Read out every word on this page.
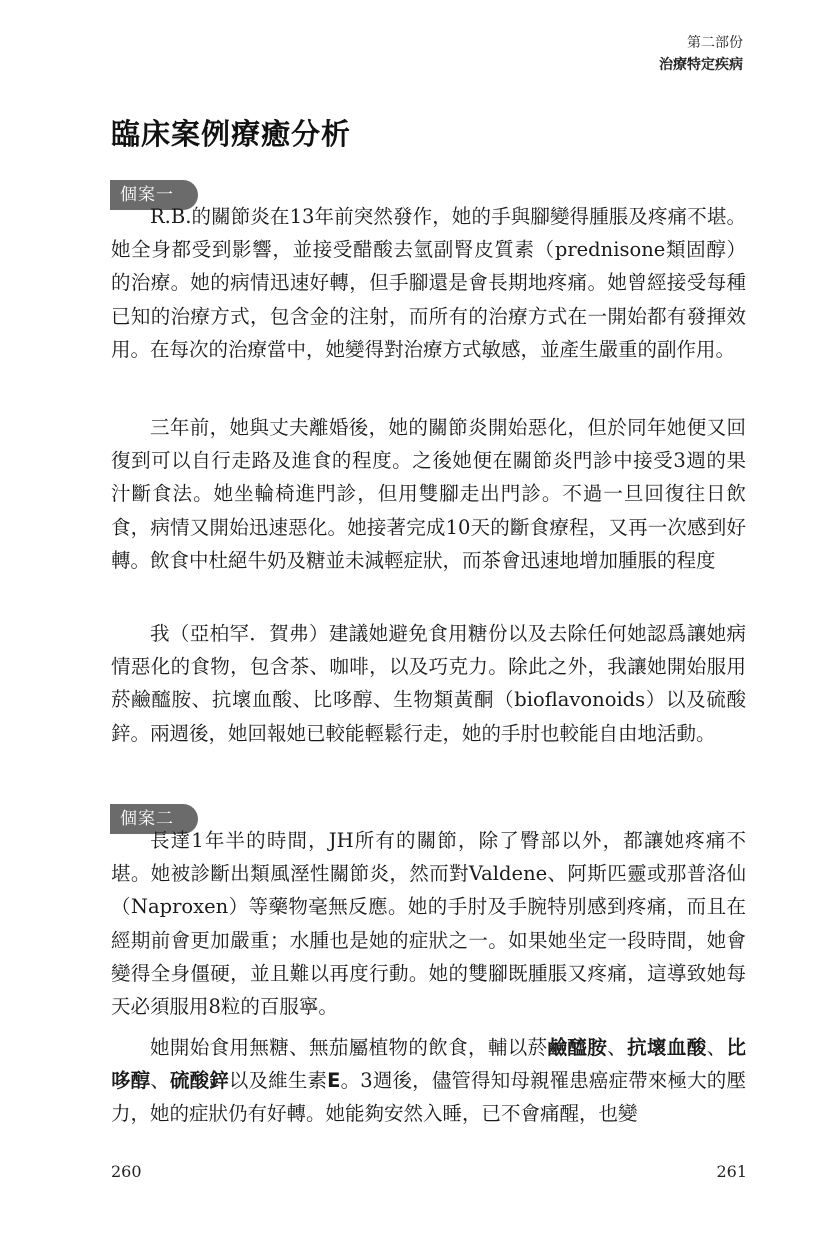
第二部份
治療特定疾病
臨床案例療癒分析
個案一

R.B.的關節炎在13年前突然發作，她的手與腳變得腫脹及疼痛不堪。她全身都受到影響，並接受醋酸去氫副腎皮質素（prednisone類固醇）的治療。她的病情迅速好轉，但手腳還是會長期地疼痛。她曾經接受每種已知的治療方式，包含金的注射，而所有的治療方式在一開始都有發揮效用。在每次的治療當中，她變得對治療方式敏感，並產生嚴重的副作用。

三年前，她與丈夫離婚後，她的關節炎開始惡化，但於同年她便又回復到可以自行走路及進食的程度。之後她便在關節炎門診中接受3週的果汁斷食法。她坐輪椅進門診，但用雙腳走出門診。不過一旦回復往日飲食，病情又開始迅速惡化。她接著完成10天的斷食療程，又再一次感到好轉。飲食中杜絕牛奶及糖並未減輕症狀，而茶會迅速地增加腫脹的程度

我（亞柏罕．賀弗）建議她避免食用糖份以及去除任何她認爲讓她病情惡化的食物，包含茶、咖啡，以及巧克力。除此之外，我讓她開始服用菸鹼醯胺、抗壞血酸、比哆醇、生物類黃酮（bioflavonoids）以及硫酸鋅。兩週後，她回報她已較能輕鬆行走，她的手肘也較能自由地活動。

個案二

長達1年半的時間，JH所有的關節，除了臀部以外，都讓她疼痛不堪。她被診斷出類風溼性關節炎，然而對Valdene、阿斯匹靈或那普洛仙（Naproxen）等藥物毫無反應。她的手肘及手腕特別感到疼痛，而且在經期前會更加嚴重；水腫也是她的症狀之一。如果她坐定一段時間，她會變得全身僵硬，並且難以再度行動。她的雙腳既腫脹又疼痛，這導致她每天必須服用8粒的百服寧。

她開始食用無糖、無茄屬植物的飲食，輔以菸鹼醯胺、抗壞血酸、比哆醇、硫酸鋅以及維生素E。3週後，儘管得知母親罹患癌症帶來極大的壓力，她的症狀仍有好轉。她能夠安然入睡，已不會痛醒，也變

260	261
